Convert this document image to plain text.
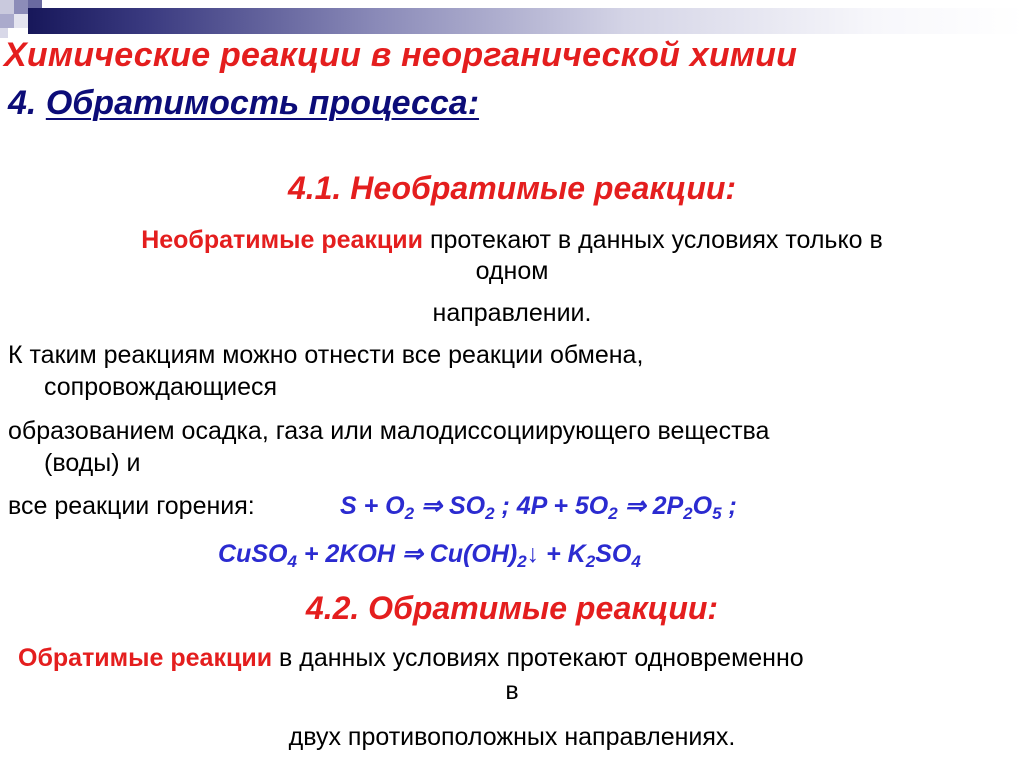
Химические реакции в неорганической химии
4. Обратимость процесса:
4.1. Необратимые реакции:
Необратимые реакции протекают в данных условиях только в
одном
направлении.
К таким реакциям можно отнести все реакции обмена,
сопровождающиеся
образованием осадка, газа или малодиссоциирующего вещества
(воды) и
все реакции горения:	$S + O_2$ ⇒ $SO_2$ ; $4P + 5O_2$ ⇒ $2P_2O_5$ ;
CuSO$_4$ + 2KOH ⇒ $Cu(OH)_2↓ + K_2SO_4$
4.2. Обратимые реакции:
Обратимые реакции в данных условиях протекают одновременно
в
двух противоположных направлениях.
